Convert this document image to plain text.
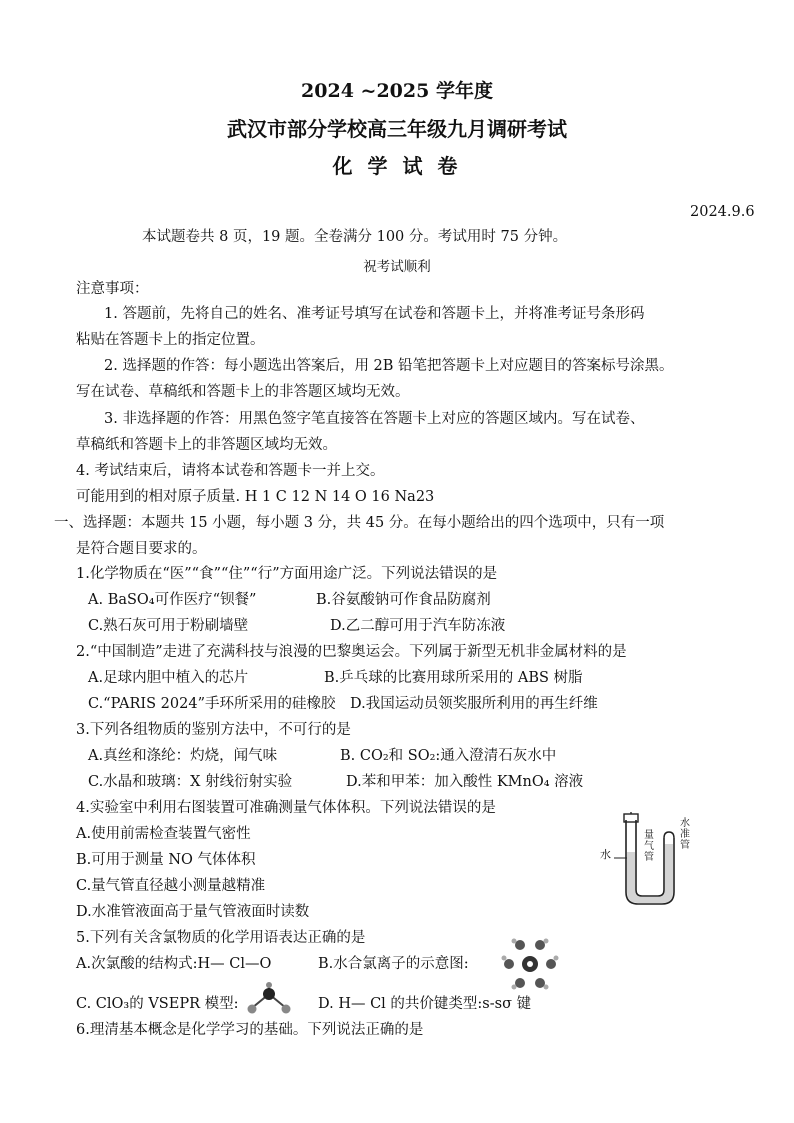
2024 ~2025 学年度
武汉市部分学校高三年级九月调研考试
化 学 试 卷
2024.9.6
本试题卷共 8 页，19 题。全卷满分 100 分。考试用时 75 分钟。
祝考试顺利
注意事项：
1. 答题前，先将自己的姓名、准考证号填写在试卷和答题卡上，并将准考证号条形码
粘贴在答题卡上的指定位置。
2. 选择题的作答：每小题选出答案后，用 2B 铅笔把答题卡上对应题目的答案标号涂黑。
写在试卷、草稿纸和答题卡上的非答题区域均无效。
3. 非选择题的作答：用黑色签字笔直接答在答题卡上对应的答题区域内。写在试卷、
草稿纸和答题卡上的非答题区域均无效。
4. 考试结束后，请将本试卷和答题卡一并上交。
可能用到的相对原子质量. H 1 C 12 N 14 O 16 Na23
一、选择题：本题共 15 小题，每小题 3 分，共 45 分。在每小题给出的四个选项中，只有一项
是符合题目要求的。
1.化学物质在“医”“食”“住”“行”方面用途广泛。下列说法错误的是
A. BaSO₄可作医疗“钡餐”	B.谷氨酸钠可作食品防腐剂
C.熟石灰可用于粉刷墙壁	D.乙二醇可用于汽车防冻液
2.“中国制造”走进了充满科技与浪漫的巴黎奥运会。下列属于新型无机非金属材料的是
A.足球内胆中植入的芯片	B.乒乓球的比赛用球所采用的 ABS 树脂
C.“PARIS 2024”手环所采用的硅橡胶 D.我国运动员领奖服所利用的再生纤维
3.下列各组物质的鉴别方法中，不可行的是
A.真丝和涤纶：灼烧，闻气味	B. CO₂和 SO₂:通入澄清石灰水中
C.水晶和玻璃：X 射线衍射实验	D.苯和甲苯：加入酸性 KMnO₄ 溶液
4.实验室中利用右图装置可准确测量气体体积。下列说法错误的是
A.使用前需检查装置气密性
B.可用于测量 NO 气体体积
C.量气管直径越小测量越精准
D.水准管液面高于量气管液面时读数
水
量气管
水准管
5.下列有关含氯物质的化学用语表达正确的是
A.次氯酸的结构式:H— Cl—O	B.水合氯离子的示意图:
C. ClO₃的 VSEPR 模型:	D. H— Cl 的共价键类型:s-sσ 键
6.理清基本概念是化学学习的基础。下列说法正确的是
